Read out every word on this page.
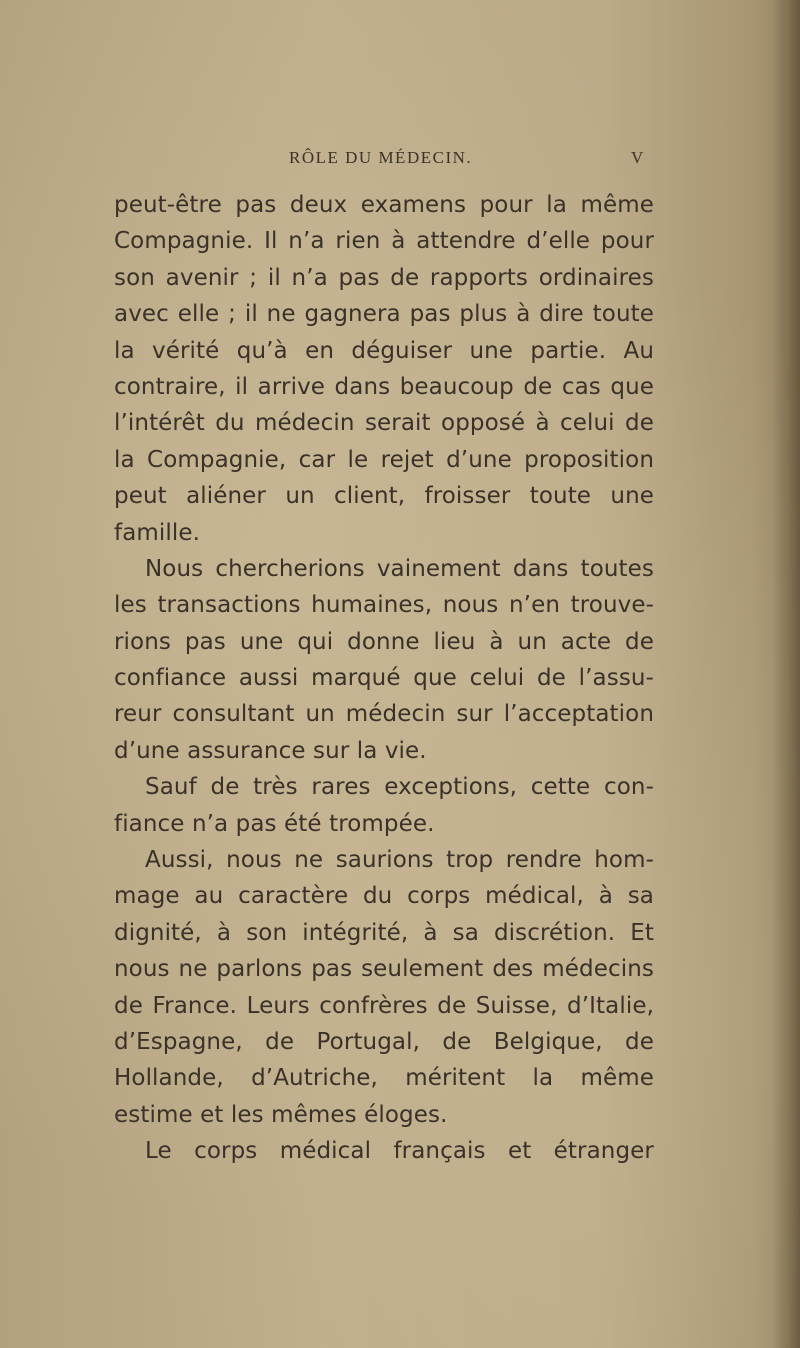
RÔLE DU MÉDECIN.	V
peut-être pas deux examens pour la même
Compagnie. Il n’a rien à attendre d’elle pour
son avenir ; il n’a pas de rapports ordinaires
avec elle ; il ne gagnera pas plus à dire toute
la vérité qu’à en déguiser une partie. Au
contraire, il arrive dans beaucoup de cas que
l’intérêt du médecin serait opposé à celui de
la Compagnie, car le rejet d’une proposition
peut aliéner un client, froisser toute une
famille.
Nous chercherions vainement dans toutes
les transactions humaines, nous n’en trouve-
rions pas une qui donne lieu à un acte de
confiance aussi marqué que celui de l’assu-
reur consultant un médecin sur l’acceptation
d’une assurance sur la vie.
Sauf de très rares exceptions, cette con-
fiance n’a pas été trompée.
Aussi, nous ne saurions trop rendre hom-
mage au caractère du corps médical, à sa
dignité, à son intégrité, à sa discrétion. Et
nous ne parlons pas seulement des médecins
de France. Leurs confrères de Suisse, d’Italie,
d’Espagne, de Portugal, de Belgique, de
Hollande, d’Autriche, méritent la même
estime et les mêmes éloges.
Le corps médical français et étranger
